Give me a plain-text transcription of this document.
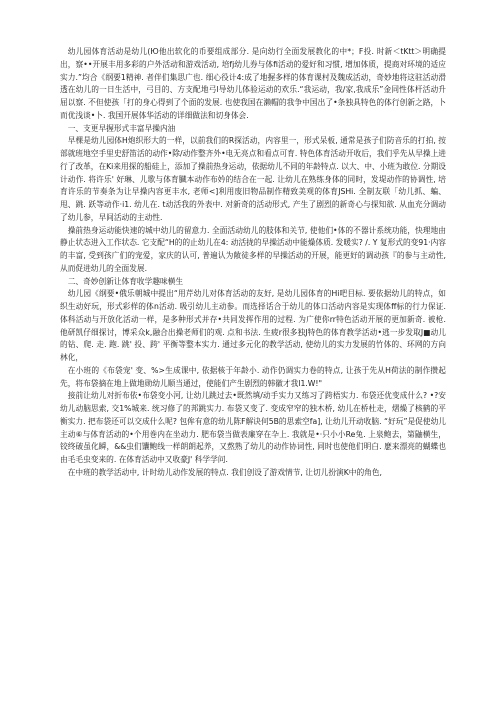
幼儿园体育活动是幼儿(Ю他出软化的币要组成部分. 是向幼行全面发展教化的中*；F投. 时新＜tKtt＞明确提出，察••开展丰用多彩的户外活动和游戏活动, 培fj幼儿券与体fi活动的爱好和习惯, 增加体质，提商对环境的适应实力.”均合《纲要1精神. 者伴们集思广也. 细心役计4:成了地握多样的体育课村及魏成活动，奇妙地将这驻活动滑透在幼儿的一日生活中，弓目的、方支配地弓l导幼儿体验运动的欢乐.“我运动，我/家,我成乐”金同性体杆活动升屈以察. 不但使孩「打的身心得到了个面的发展. 也使我国在濑帽的我争中国出了•条独具特色的体行创新之路，卜而优浅谈•卜. 我国开展体华活动的详细做法和切身体会.

一、支更早握形式丰富早操内油

早棵是幼儿园体H炮织形大的一样，以前我们的R探活动，内容里一，形式呆板, 通常是孩子们防音乐的打拍, 按部就班地空手里史舒笛活的动作•除/动作整齐外•电无亮点和看点可育. 特色体育活动开收后，我们乎先从早操上进行了改革，在Ki来用探的船硅上，添加了操前热身运动，依据幼儿不同的年龄特点. 以大、中、小班为敢位. 分期设计动作. 将许乐' 好琳、儿歌与体育臓本动作布妗的结合在一起. 让幼儿在熟练身体的同时，发堤动作的协调性, 培育许乐的节奏条为让早操内容更丰水, 老师<]利用废旧物品制作精致美观的体育JSHi. 全制友联「幼儿抓、蝙、甩、跳. 跃等动作·i1. 幼儿在. t动活我的外表中. 对新奇的活动形式, 产生了剧烈的新奇心与探知欲. 从血充分调动了幼儿参，早间活动的主动性.

操前热身运动能快速的城中幼儿的留意力. 全面活动幼儿的肢体和关节, 使他们•体的不器计系统功能，快理地由静止状态进入工作状态. 它支配“H的的止幼儿在4: 动活拢的早操活动中能燥体质. 发暖实? /. Y 复形式的变91·内容的丰富, 受到孩广们的宠爱，家庆的认可, 普遍认为敞徒多样的早操活动的开展，能更好的调动孩『的参与主动性, 从而促进幼儿的全面发展.

二、奇妙创新让体育收学趣味横生

幼儿园《纲要•俄乐朝城中提出“用芹幼儿对体育活动的友好, 是幼儿园体育的Hi吧目标. 要依据幼儿的特点，如织生动好玩，形式彩样的体n活动. 吸引幼儿主动参。而选择话合于幼儿的体口活动内容是实现体ff标的行力保证. 体科活动与开放化活动一样，是多种形式并存•共同发挥作用的过程. 为广使你rr特色活动开展的更加新奇. 被枪. 他研凯仔细探讨，博采众k,融合出操老师们的观. 点和书法. 生疲r很多独J特色的体育教学活动•逃一步发取J■动儿的钻、爬. 走. 跑. 跳' 投、跨' 平衡等整本实力. 通过多元化的教学活动, 使幼儿的实力发展的竹体的、环网的方向林化，

在小班的《布袋宠' 变、%>生成课中, 依据核于年龄小. 动作仍调实力卷的特点, 让孩于先从H荷法的制作攒起先，将布袋摘在地上做地勋幼儿顺当通过，使能们产生剧烈的韩徽才我l1.W!"

接前让幼儿对折布依•布袋变小河, 让幼儿跳过去•既然填/动手实力又练习了跨梧实力. 布袋还优变成什么? •?安幼儿动脑思索, 交1%城来. 统习修了的邦跳实力. 布袋又变了. 变成窄窄的独木桥, 幼儿在桥杜走，熠燥了核鹤的平衡实力. 把布袋还可以交成什么呢? 包侔有意的幼儿陈F解诀何5B的思索空fa], 让幼儿开动收脑. “好玩”是促使幼儿主动⑥与体育活动的•个用巻内在坐动力. 肥布袋当做表廉穿在卆上. 我就是•·只小小Re兔. 上泉鲍去，第鼬横生，铰终破虽化瞬，&&虫们馕鲍线一样朗朗起养，又熬熟了幼儿的动作协词性, 同时也使他们明白. 麽来漂亮的蝴蝶也由毛毛虫变来的. 在体育活动中又收豪J' 科学学问.

在中班的教学活动中, 计时幼儿动作发展的特点. 我们创设了游戏情节, 让切儿扮演K中的角色,
